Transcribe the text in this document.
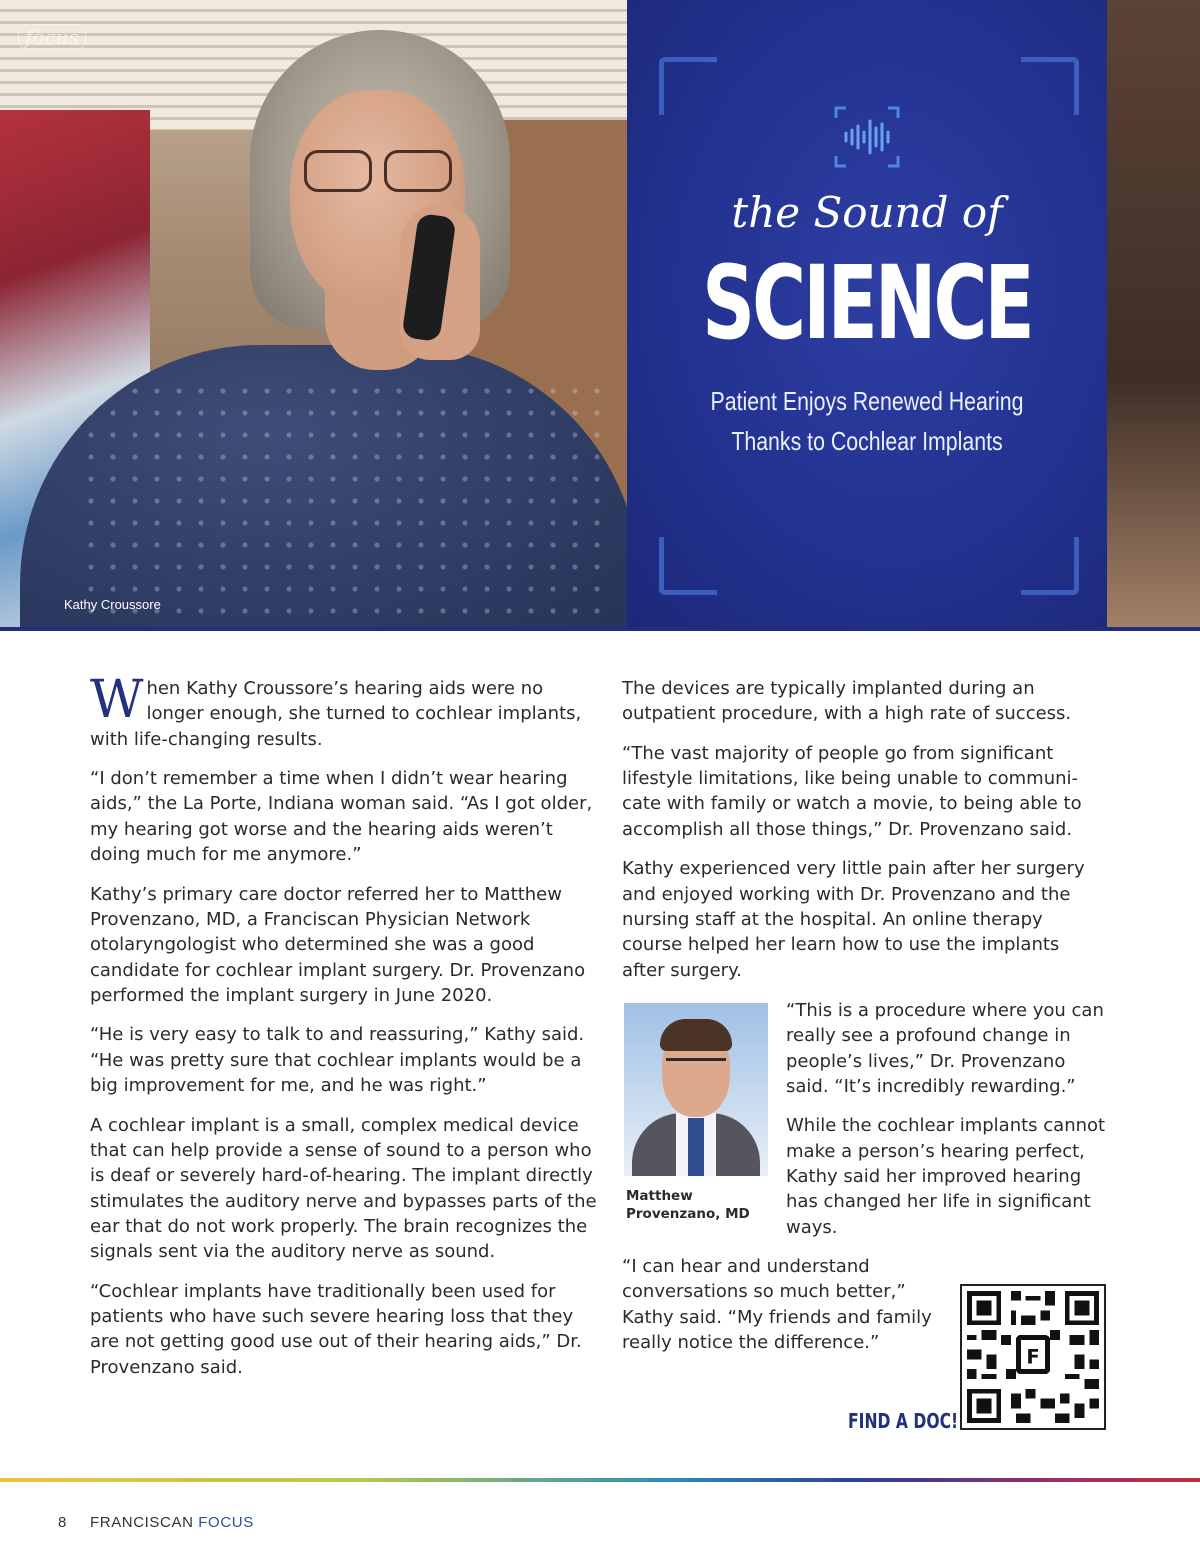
focus
Kathy Croussore
the Sound of
SCIENCE
Patient Enjoys Renewed Hearing
Thanks to Cochlear Implants

When Kathy Croussore’s hearing aids were no longer enough, she turned to cochlear implants, with life-changing results.

“I don’t remember a time when I didn’t wear hearing aids,” the La Porte, Indiana woman said. “As I got older, my hearing got worse and the hearing aids weren’t doing much for me anymore.”

Kathy’s primary care doctor referred her to Matthew Provenzano, MD, a Franciscan Physician Network otolaryngologist who determined she was a good candidate for cochlear implant surgery. Dr. Provenzano performed the implant surgery in June 2020.

“He is very easy to talk to and reassuring,” Kathy said. “He was pretty sure that cochlear implants would be a big improvement for me, and he was right.”

A cochlear implant is a small, complex medical device that can help provide a sense of sound to a person who is deaf or severely hard-of-hearing. The implant directly stimulates the auditory nerve and bypasses parts of the ear that do not work properly. The brain recognizes the signals sent via the auditory nerve as sound.

“Cochlear implants have traditionally been used for patients who have such severe hearing loss that they are not getting good use out of their hearing aids,” Dr. Provenzano said.

The devices are typically implanted during an outpatient procedure, with a high rate of success.

“The vast majority of people go from significant lifestyle limitations, like being unable to communi-cate with family or watch a movie, to being able to accomplish all those things,” Dr. Provenzano said.

Kathy experienced very little pain after her surgery and enjoyed working with Dr. Provenzano and the nursing staff at the hospital. An online therapy course helped her learn how to use the implants after surgery.

Matthew
Provenzano, MD

“This is a procedure where you can really see a profound change in people’s lives,” Dr. Provenzano said. “It’s incredibly rewarding.”

While the cochlear implants cannot make a person’s hearing perfect, Kathy said her improved hearing has changed her life in significant ways.

“I can hear and understand conversations so much better,” Kathy said. “My friends and family really notice the difference.”
F
FIND A DOC!
8 FRANCISCAN FOCUS
